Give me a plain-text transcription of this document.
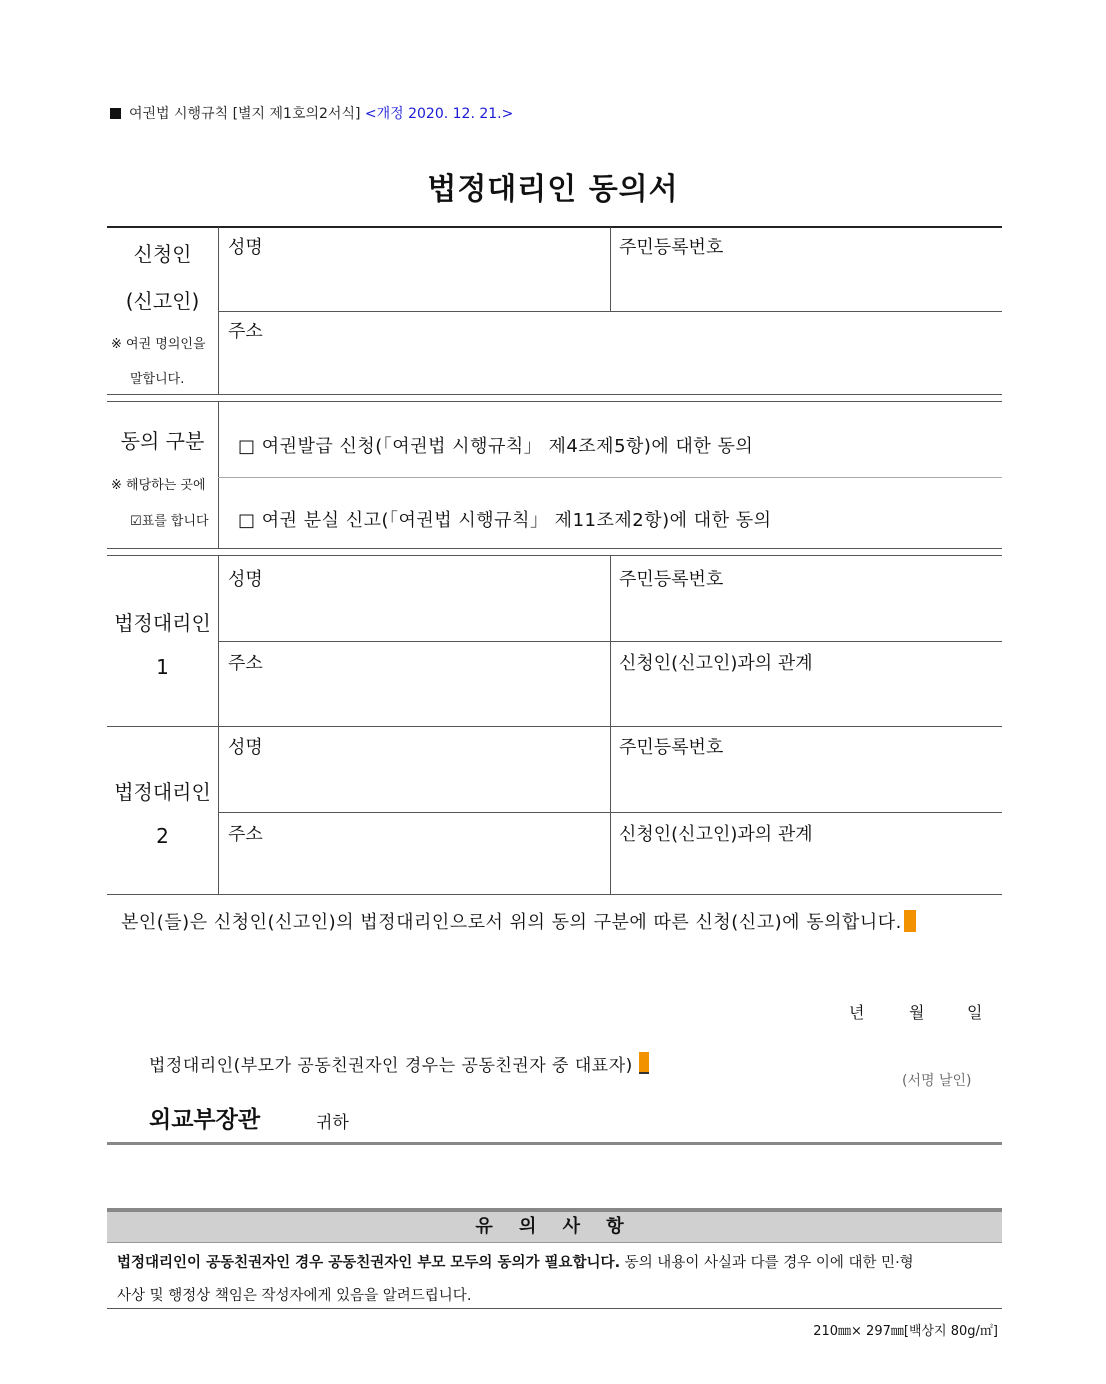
여권법 시행규칙 [별지 제1호의2서식] <개정 2020. 12. 21.>
법정대리인 동의서
신청인
(신고인)
※ 여권 명의인을
말합니다.
성명	주민등록번호
주소
동의 구분
※ 해당하는 곳에
☑표를 합니다
□ 여권발급 신청(「여권법 시행규칙」 제4조제5항)에 대한 동의
□ 여권 분실 신고(「여권법 시행규칙」 제11조제2항)에 대한 동의
법정대리인
1
성명	주민등록번호
주소	신청인(신고인)과의 관계
법정대리인
2
성명	주민등록번호
주소	신청인(신고인)과의 관계
본인(들)은 신청인(신고인)의 법정대리인으로서 위의 동의 구분에 따른 신청(신고)에 동의합니다.
년	월	일
법정대리인(부모가 공동친권자인 경우는 공동친권자 중 대표자)
(서명 날인)
외교부장관	귀하
유 의 사 항
법정대리인이 공동친권자인 경우 공동친권자인 부모 모두의 동의가 필요합니다. 동의 내용이 사실과 다를 경우 이에 대한 민·형
사상 및 행정상 책임은 작성자에게 있음을 알려드립니다.
210㎜× 297㎜[백상지 80g/㎡]
